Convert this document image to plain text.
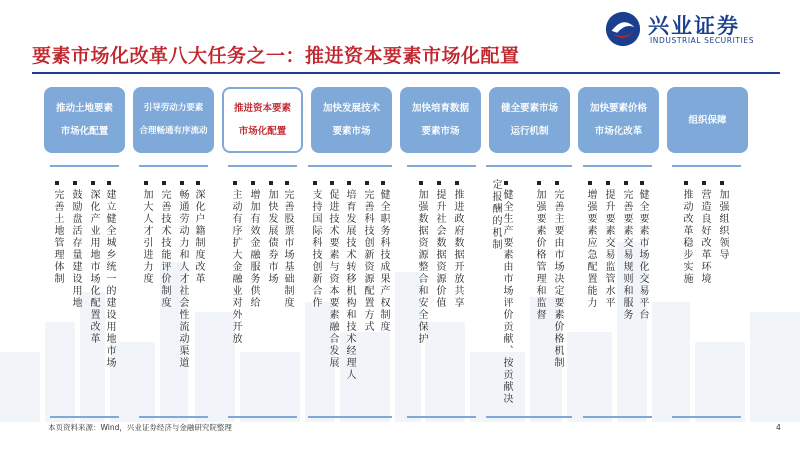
兴业证券
INDUSTRIAL SECURITIES
要素市场化改革八大任务之一：推进资本要素市场化配置
推动土地要素
市场化配置
引导劳动力要素
合理畅通有序流动
推进资本要素
市场化配置
加快发展技术
要素市场
加快培育数据
要素市场
健全要素市场
运行机制
加快要素价格
市场化改革
组织保障
建立健全城乡统一的建设用地市场
深化产业用地市场化配置改革
鼓励盘活存量建设用地
完善土地管理体制	深化户籍制度改革
畅通劳动力和人才社会性流动渠道
完善技术技能评价制度
加大人才引进力度	完善股票市场基础制度
加快发展债券市场
增加有效金融服务供给
主动有序扩大金融业对外开放	健全职务科技成果产权制度
完善科技创新资源配置方式
培育发展技术转移机构和技术经理人
促进技术要素与资本要素融合发展
支持国际科技创新合作	推进政府数据开放共享
提升社会数据资源价值
加强数据资源整合和安全保护	完善主要由市场决定要素价格机制
加强要素价格管理和监督
健全生产要素由市场评价贡献、按贡献决定报酬的机制	健全要素市场化交易平台
完善要素交易规则和服务
提升要素交易监管水平
增强要素应急配置能力	加强组织领导
营造良好改革环境
推动改革稳步实施
本页资料来源：Wind，兴业证券经济与金融研究院整理	4
